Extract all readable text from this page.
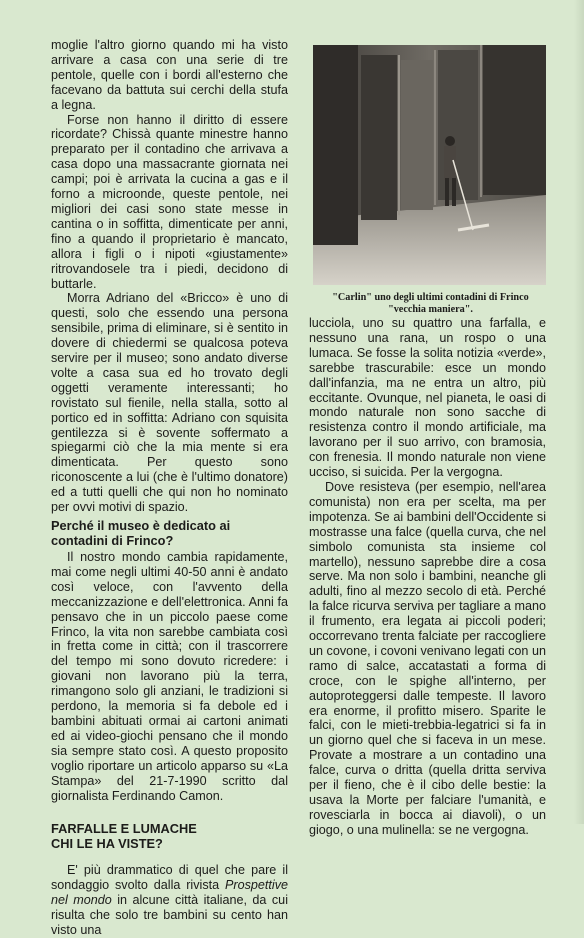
moglie l'altro giorno quando mi ha visto arrivare a casa con una serie di tre pentole, quelle con i bordi all'esterno che facevano da battuta sui cerchi della stufa a legna.

Forse non hanno il diritto di essere ricordate? Chissà quante minestre hanno preparato per il contadino che arrivava a casa dopo una massacrante giornata nei campi; poi è arrivata la cucina a gas e il forno a microonde, queste pentole, nei migliori dei casi sono state messe in cantina o in soffitta, dimenticate per anni, fino a quando il proprietario è mancato, allora i figli o i nipoti «giustamente» ritrovandosele tra i piedi, decidono di buttarle.

Morra Adriano del «Bricco» è uno di questi, solo che essendo una persona sensibile, prima di eliminare, si è sentito in dovere di chiedermi se qualcosa poteva servire per il museo; sono andato diverse volte a casa sua ed ho trovato degli oggetti veramente interessanti; ho rovistato sul fienile, nella stalla, sotto al portico ed in soffitta: Adriano con squisita gentilezza si è sovente soffermato a spiegarmi ciò che la mia mente si era dimenticata. Per questo sono riconoscente a lui (che è l'ultimo donatore) ed a tutti quelli che qui non ho nominato per ovvi motivi di spazio.

Perché il museo è dedicato ai contadini di Frinco?

Il nostro mondo cambia rapidamente, mai come negli ultimi 40-50 anni è andato così veloce, con l'avvento della meccanizzazione e dell'elettronica. Anni fa pensavo che in un piccolo paese come Frinco, la vita non sarebbe cambiata così in fretta come in città; con il trascorrere del tempo mi sono dovuto ricredere: i giovani non lavorano più la terra, rimangono solo gli anziani, le tradizioni si perdono, la memoria si fa debole ed i bambini abituati ormai ai cartoni animati ed ai video-giochi pensano che il mondo sia sempre stato così. A questo proposito voglio riportare un articolo apparso su «La Stampa» del 21-7-1990 scritto dal giornalista Ferdinando Camon.

FARFALLE E LUMACHE
CHI LE HA VISTE?

E' più drammatico di quel che pare il sondaggio svolto dalla rivista Prospettive nel mondo in alcune città italiane, da cui risulta che solo tre bambini su cento han visto una

"Carlin" uno degli ultimi contadini di Frinco "vecchia maniera".

lucciola, uno su quattro una farfalla, e nessuno una rana, un rospo o una lumaca. Se fosse la solita notizia «verde», sarebbe trascurabile: esce un mondo dall'infanzia, ma ne entra un altro, più eccitante. Ovunque, nel pianeta, le oasi di mondo naturale non sono sacche di resistenza contro il mondo artificiale, ma lavorano per il suo arrivo, con bramosia, con frenesia. Il mondo naturale non viene ucciso, si suicida. Per la vergogna.

Dove resisteva (per esempio, nell'area comunista) non era per scelta, ma per impotenza. Se ai bambini dell'Occidente si mostrasse una falce (quella curva, che nel simbolo comunista sta insieme col martello), nessuno saprebbe dire a cosa serve. Ma non solo i bambini, neanche gli adulti, fino al mezzo secolo di età. Perché la falce ricurva serviva per tagliare a mano il frumento, era legata ai piccoli poderi; occorrevano trenta falciate per raccogliere un covone, i covoni venivano legati con un ramo di salce, accatastati a forma di croce, con le spighe all'interno, per autoproteggersi dalle tempeste. Il lavoro era enorme, il profitto misero. Sparite le falci, con le mieti-trebbia-legatrici si fa in un giorno quel che si faceva in un mese. Provate a mostrare a un contadino una falce, curva o dritta (quella dritta serviva per il fieno, che è il cibo delle bestie: la usava la Morte per falciare l'umanità, e rovesciarla in bocca ai diavoli), o un giogo, o una mulinella: se ne vergogna.
